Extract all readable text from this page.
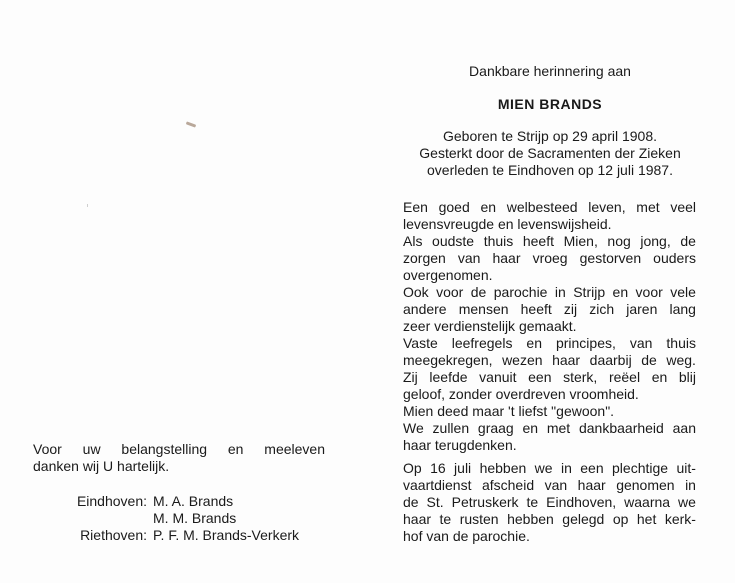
Voor uw belangstelling en meeleven
danken wij U hartelijk.
Eindhoven: M. A. Brands
M. M. Brands
Riethoven: P. F. M. Brands-Verkerk
Dankbare herinnering aan
MIEN BRANDS
Geboren te Strijp op 29 april 1908.
Gesterkt door de Sacramenten der Zieken
overleden te Eindhoven op 12 juli 1987.
Een goed en welbesteed leven, met veel
levensvreugde en levenswijsheid.
Als oudste thuis heeft Mien, nog jong, de
zorgen van haar vroeg gestorven ouders
overgenomen.
Ook voor de parochie in Strijp en voor vele
andere mensen heeft zij zich jaren lang
zeer verdienstelijk gemaakt.
Vaste leefregels en principes, van thuis
meegekregen, wezen haar daarbij de weg.
Zij leefde vanuit een sterk, reëel en blij
geloof, zonder overdreven vroomheid.
Mien deed maar 't liefst "gewoon".
We zullen graag en met dankbaarheid aan
haar terugdenken.
Op 16 juli hebben we in een plechtige uit-
vaartdienst afscheid van haar genomen in
de St. Petruskerk te Eindhoven, waarna we
haar te rusten hebben gelegd op het kerk-
hof van de parochie.
